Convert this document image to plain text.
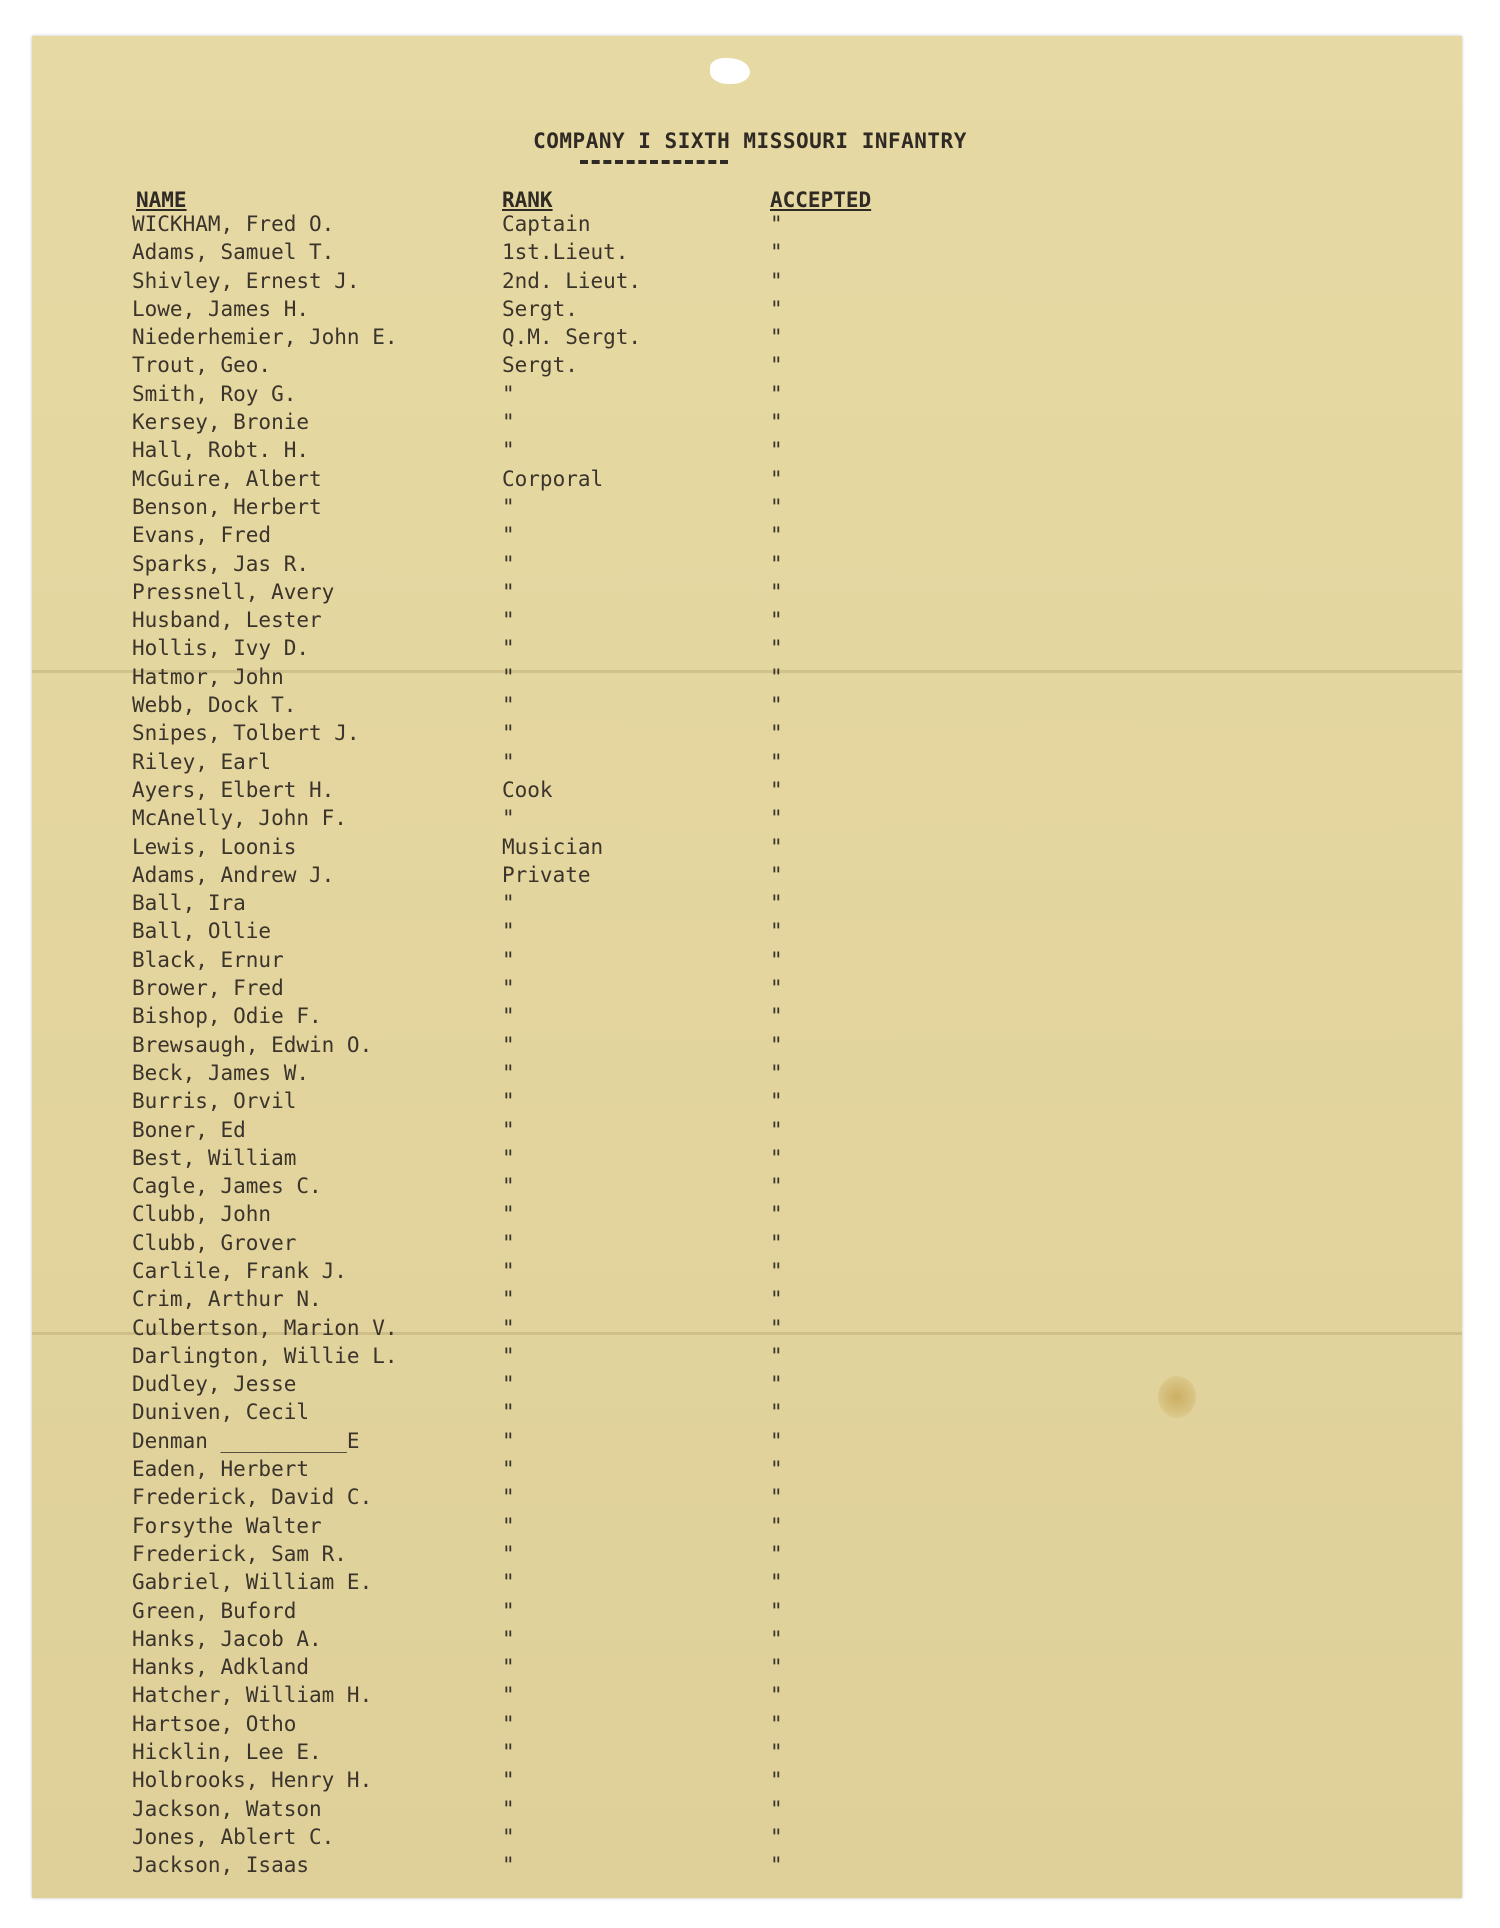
COMPANY I SIXTH MISSOURI INFANTRY
NAME	RANK	ACCEPTED
WICKHAM, Fred O.	Captain	"
Adams, Samuel T.	1st.Lieut.	"
Shivley, Ernest J.	2nd. Lieut.	"
Lowe, James H.	Sergt.	"
Niederhemier, John E.	Q.M. Sergt.	"
Trout, Geo.	Sergt.	"
Smith, Roy G.	"	"
Kersey, Bronie	"	"
Hall, Robt. H.	"	"
McGuire, Albert	Corporal	"
Benson, Herbert	"	"
Evans, Fred	"	"
Sparks, Jas R.	"	"
Pressnell, Avery	"	"
Husband, Lester	"	"
Hollis, Ivy D.	"	"
Hatmor, John	"	"
Webb, Dock T.	"	"
Snipes, Tolbert J.	"	"
Riley, Earl	"	"
Ayers, Elbert H.	Cook	"
McAnelly, John F.	"	"
Lewis, Loonis	Musician	"
Adams, Andrew J.	Private	"
Ball, Ira	"	"
Ball, Ollie	"	"
Black, Ernur	"	"
Brower, Fred	"	"
Bishop, Odie F.	"	"
Brewsaugh, Edwin O.	"	"
Beck, James W.	"	"
Burris, Orvil	"	"
Boner, Ed	"	"
Best, William	"	"
Cagle, James C.	"	"
Clubb, John	"	"
Clubb, Grover	"	"
Carlile, Frank J.	"	"
Crim, Arthur N.	"	"
Culbertson, Marion V.	"	"
Darlington, Willie L.	"	"
Dudley, Jesse	"	"
Duniven, Cecil	"	"
Denman __________E	"	"
Eaden, Herbert	"	"
Frederick, David C.	"	"
Forsythe Walter	"	"
Frederick, Sam R.	"	"
Gabriel, William E.	"	"
Green, Buford	"	"
Hanks, Jacob A.	"	"
Hanks, Adkland	"	"
Hatcher, William H.	"	"
Hartsoe, Otho	"	"
Hicklin, Lee E.	"	"
Holbrooks, Henry H.	"	"
Jackson, Watson	"	"
Jones, Ablert C.	"	"
Jackson, Isaas	"	"
